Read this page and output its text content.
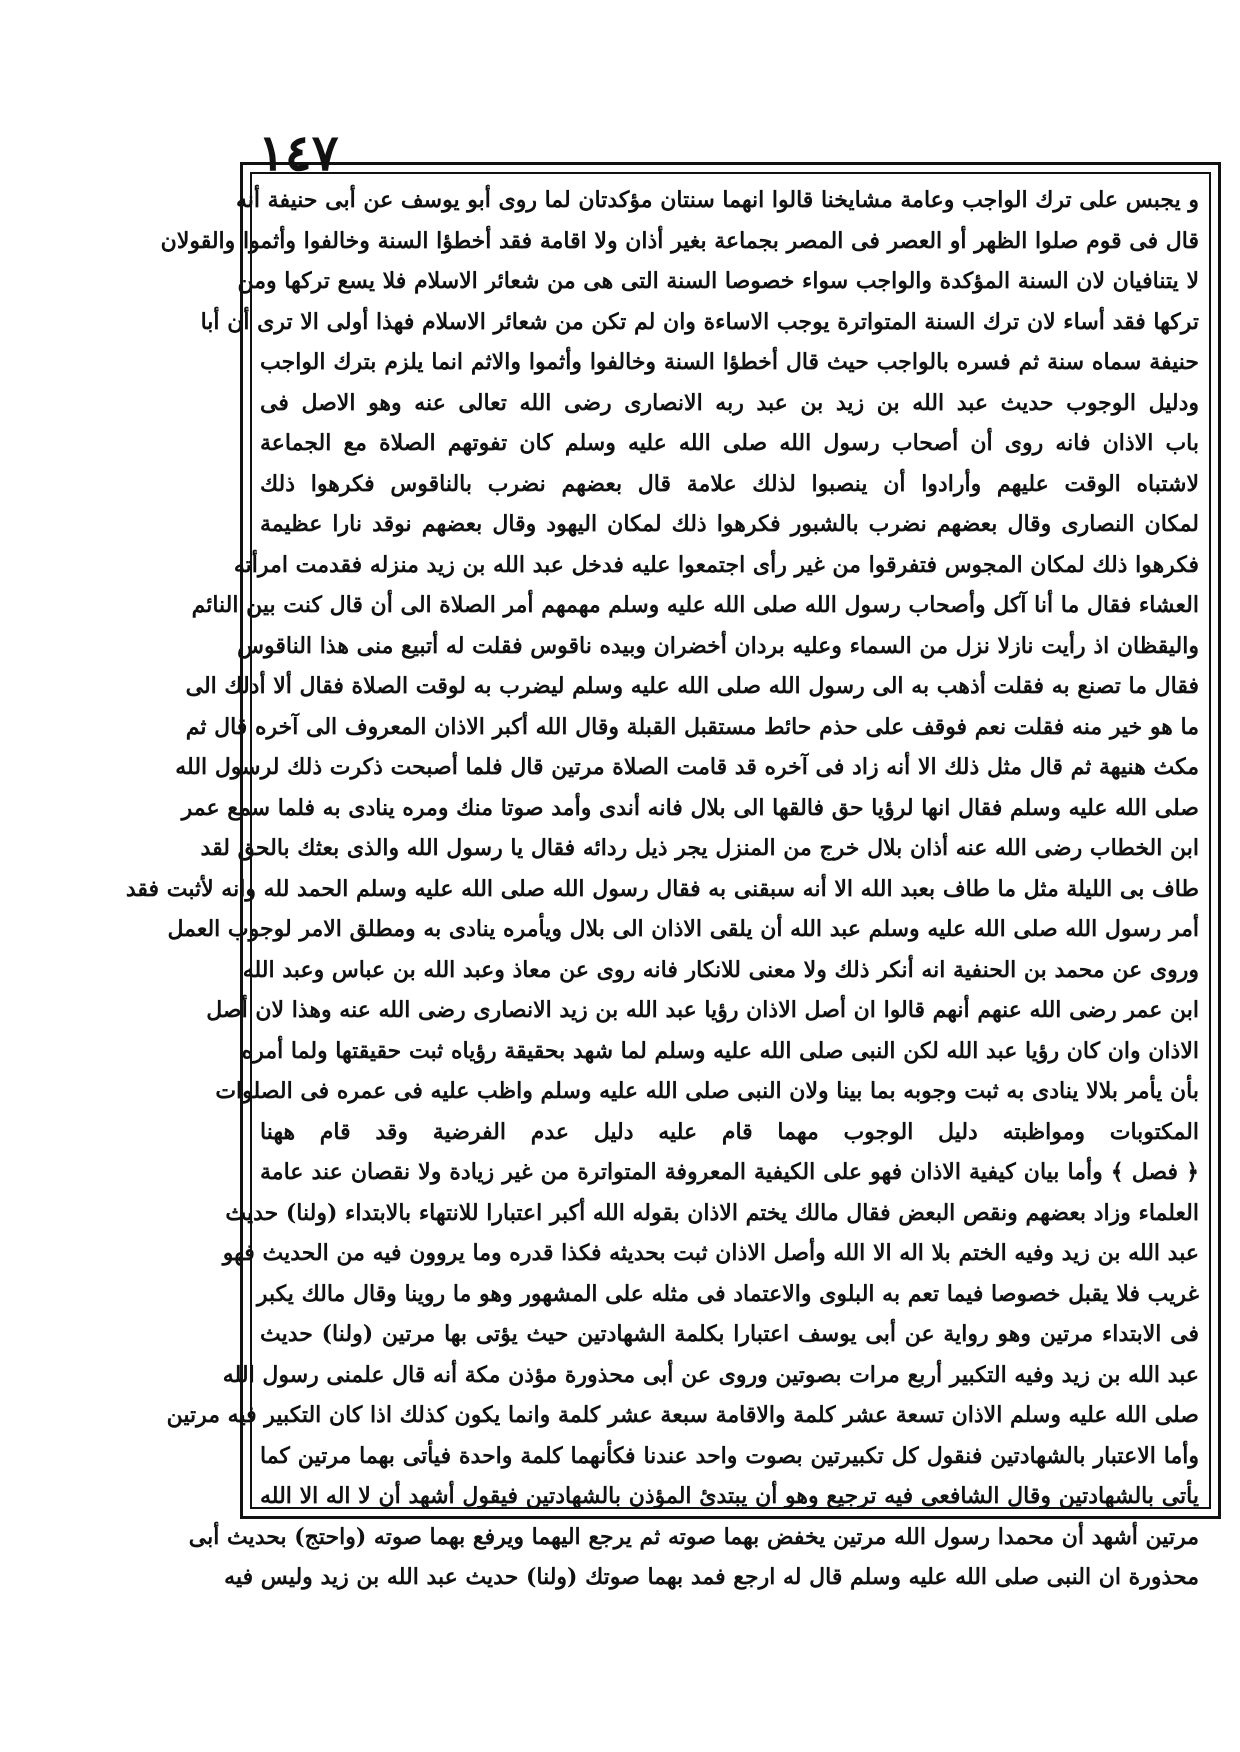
١٤٧
و يجبس على ترك الواجب وعامة مشايخنا قالوا انهما سنتان مؤكدتان لما روى أبو يوسف عن أبى حنيفة أنه
قال فى قوم صلوا الظهر أو العصر فى المصر بجماعة بغير أذان ولا اقامة فقد أخطؤا السنة وخالفوا وأثموا والقولان
لا يتنافيان لان السنة المؤكدة والواجب سواء خصوصا السنة التى هى من شعائر الاسلام فلا يسع تركها ومن
تركها فقد أساء لان ترك السنة المتواترة يوجب الاساءة وان لم تكن من شعائر الاسلام فهذا أولى الا ترى أن أبا
حنيفة سماه سنة ثم فسره بالواجب حيث قال أخطؤا السنة وخالفوا وأثموا والاثم انما يلزم بترك الواجب
ودليل الوجوب حديث عبد الله بن زيد بن عبد ربه الانصارى رضى الله تعالى عنه وهو الاصل فى
باب الاذان فانه روى أن أصحاب رسول الله صلى الله عليه وسلم كان تفوتهم الصلاة مع الجماعة
لاشتباه الوقت عليهم وأرادوا أن ينصبوا لذلك علامة قال بعضهم نضرب بالناقوس فكرهوا ذلك
لمكان النصارى وقال بعضهم نضرب بالشبور فكرهوا ذلك لمكان اليهود وقال بعضهم نوقد نارا عظيمة
فكرهوا ذلك لمكان المجوس فتفرقوا من غير رأى اجتمعوا عليه فدخل عبد الله بن زيد منزله فقدمت امرأته
العشاء فقال ما أنا آكل وأصحاب رسول الله صلى الله عليه وسلم مهمهم أمر الصلاة الى أن قال كنت بين النائم
واليقظان اذ رأيت نازلا نزل من السماء وعليه بردان أخضران وبيده ناقوس فقلت له أتبيع منى هذا الناقوس
فقال ما تصنع به فقلت أذهب به الى رسول الله صلى الله عليه وسلم ليضرب به لوقت الصلاة فقال ألا أدلك الى
ما هو خير منه فقلت نعم فوقف على حذم حائط مستقبل القبلة وقال الله أكبر الاذان المعروف الى آخره قال ثم
مكث هنيهة ثم قال مثل ذلك الا أنه زاد فى آخره قد قامت الصلاة مرتين قال فلما أصبحت ذكرت ذلك لرسول الله
صلى الله عليه وسلم فقال انها لرؤيا حق فالقها الى بلال فانه أندى وأمد صوتا منك ومره ينادى به فلما سمع عمر
ابن الخطاب رضى الله عنه أذان بلال خرج من المنزل يجر ذيل ردائه فقال يا رسول الله والذى بعثك بالحق لقد
طاف بى الليلة مثل ما طاف بعبد الله الا أنه سبقنى به فقال رسول الله صلى الله عليه وسلم الحمد لله وانه لأثبت فقد
أمر رسول الله صلى الله عليه وسلم عبد الله أن يلقى الاذان الى بلال ويأمره ينادى به ومطلق الامر لوجوب العمل
وروى عن محمد بن الحنفية انه أنكر ذلك ولا معنى للانكار فانه روى عن معاذ وعبد الله بن عباس وعبد الله
ابن عمر رضى الله عنهم أنهم قالوا ان أصل الاذان رؤيا عبد الله بن زيد الانصارى رضى الله عنه وهذا لان أصل
الاذان وان كان رؤيا عبد الله لكن النبى صلى الله عليه وسلم لما شهد بحقيقة رؤياه ثبت حقيقتها ولما أمره
بأن يأمر بلالا ينادى به ثبت وجوبه بما بينا ولان النبى صلى الله عليه وسلم واظب عليه فى عمره فى الصلوات
المكتوبات ومواظبته دليل الوجوب مهما قام عليه دليل عدم الفرضية وقد قام ههنا
﴿ فصل ﴾ وأما بيان كيفية الاذان فهو على الكيفية المعروفة المتواترة من غير زيادة ولا نقصان عند عامة
العلماء وزاد بعضهم ونقص البعض فقال مالك يختم الاذان بقوله الله أكبر اعتبارا للانتهاء بالابتداء (ولنا) حديث
عبد الله بن زيد وفيه الختم بلا اله الا الله وأصل الاذان ثبت بحديثه فكذا قدره وما يروون فيه من الحديث فهو
غريب فلا يقبل خصوصا فيما تعم به البلوى والاعتماد فى مثله على المشهور وهو ما روينا وقال مالك يكبر
فى الابتداء مرتين وهو رواية عن أبى يوسف اعتبارا بكلمة الشهادتين حيث يؤتى بها مرتين (ولنا) حديث
عبد الله بن زيد وفيه التكبير أربع مرات بصوتين وروى عن أبى محذورة مؤذن مكة أنه قال علمنى رسول الله
صلى الله عليه وسلم الاذان تسعة عشر كلمة والاقامة سبعة عشر كلمة وانما يكون كذلك اذا كان التكبير فيه مرتين
وأما الاعتبار بالشهادتين فنقول كل تكبيرتين بصوت واحد عندنا فكأنهما كلمة واحدة فيأتى بهما مرتين كما
يأتى بالشهادتين وقال الشافعى فيه ترجيع وهو أن يبتدئ المؤذن بالشهادتين فيقول أشهد أن لا اله الا الله
مرتين أشهد أن محمدا رسول الله مرتين يخفض بهما صوته ثم يرجع اليهما ويرفع بهما صوته (واحتج) بحديث أبى
محذورة ان النبى صلى الله عليه وسلم قال له ارجع فمد بهما صوتك (ولنا) حديث عبد الله بن زيد وليس فيه
